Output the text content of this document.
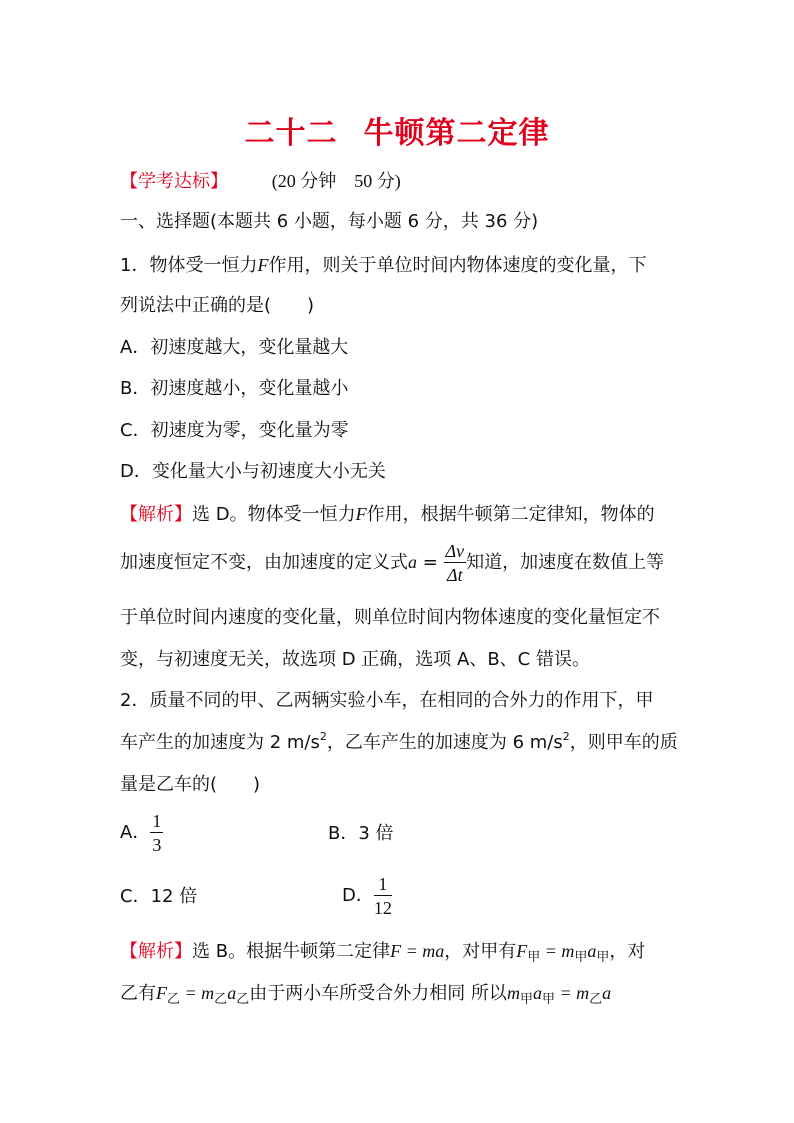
二十二 牛顿第二定律
【学考达标】 (20 分钟　50 分)
一、选择题(本题共 6 小题，每小题 6 分，共 36 分)
1．物体受一恒力F作用，则关于单位时间内物体速度的变化量，下
列说法中正确的是(　　)
A．初速度越大，变化量越大
B．初速度越小，变化量越小
C．初速度为零，变化量为零
D．变化量大小与初速度大小无关
【解析】选 D。物体受一恒力F作用，根据牛顿第二定律知，物体的
加速度恒定不变，由加速度的定义式$a = \frac{\Delta v}{\Delta t}$ 知道，加速度在数值上等
于单位时间内速度的变化量，则单位时间内物体速度的变化量恒定不
变，与初速度无关，故选项 D 正确，选项 A、B、C 错误。
2．质量不同的甲、乙两辆实验小车，在相同的合外力的作用下，甲
车产生的加速度为 2 $m/s^2$，乙车产生的加速度为 6 $m/s^2$，则甲车的质
量是乙车的(　　)
A． $\frac{1}{3}$	B．3 倍
C．12 倍	D． $\frac{1}{12}$
【解析】选 B。根据牛顿第二定律F = ma，对甲有$F_甲 = m_甲a_甲$，对
乙有$F_乙 = m_乙a_乙$由于两小车所受合外力相同 所以$m_甲a_甲 = m_乙a$
